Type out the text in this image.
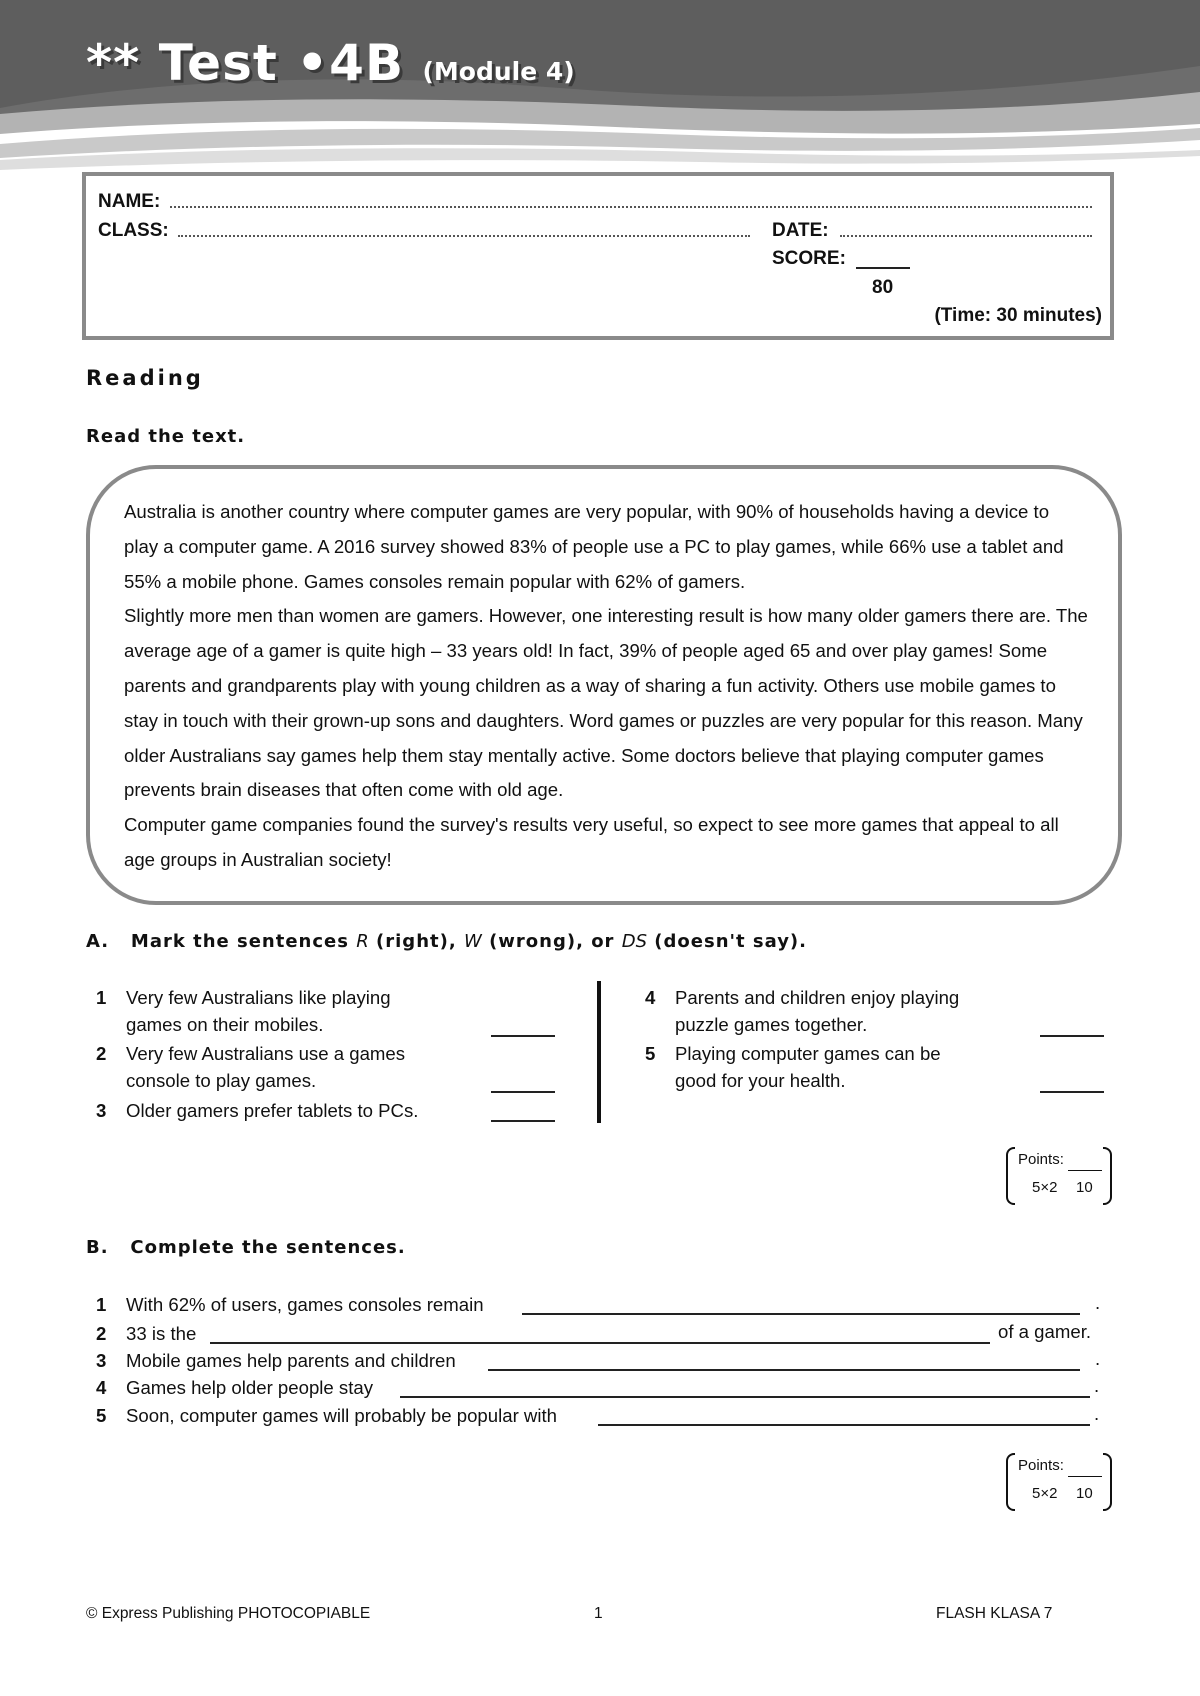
** Test •4B (Module 4)
NAME:
CLASS:	DATE:
SCORE:
80
(Time: 30 minutes)
Reading
Read the text.

Australia is another country where computer games are very popular, with 90% of households having a device to play a computer game. A 2016 survey showed 83% of people use a PC to play games, while 66% use a tablet and 55% a mobile phone. Games consoles remain popular with 62% of gamers.

Slightly more men than women are gamers. However, one interesting result is how many older gamers there are. The average age of a gamer is quite high – 33 years old! In fact, 39% of people aged 65 and over play games! Some parents and grandparents play with young children as a way of sharing a fun activity. Others use mobile games to stay in touch with their grown-up sons and daughters. Word games or puzzles are very popular for this reason. Many older Australians say games help them stay mentally active. Some doctors believe that playing computer games prevents brain diseases that often come with old age.

Computer game companies found the survey's results very useful, so expect to see more games that appeal to all age groups in Australian society!

A. Mark the sentences R (right), W (wrong), or DS (doesn't say).
1 Very few Australians like playing
games on their mobiles.
2 Very few Australians use a games
console to play games.
3 Older gamers prefer tablets to PCs.
4 Parents and children enjoy playing
puzzle games together.
5 Playing computer games can be
good for your health.
Points:
5×2 10
B. Complete the sentences.
1 With 62% of users, games consoles remain	.
2 33 is the	of a gamer.
3 Mobile games help parents and children	.
4 Games help older people stay	.
5 Soon, computer games will probably be popular with	.
Points:
5×2 10
© Express Publishing PHOTOCOPIABLE	1	FLASH KLASA 7
